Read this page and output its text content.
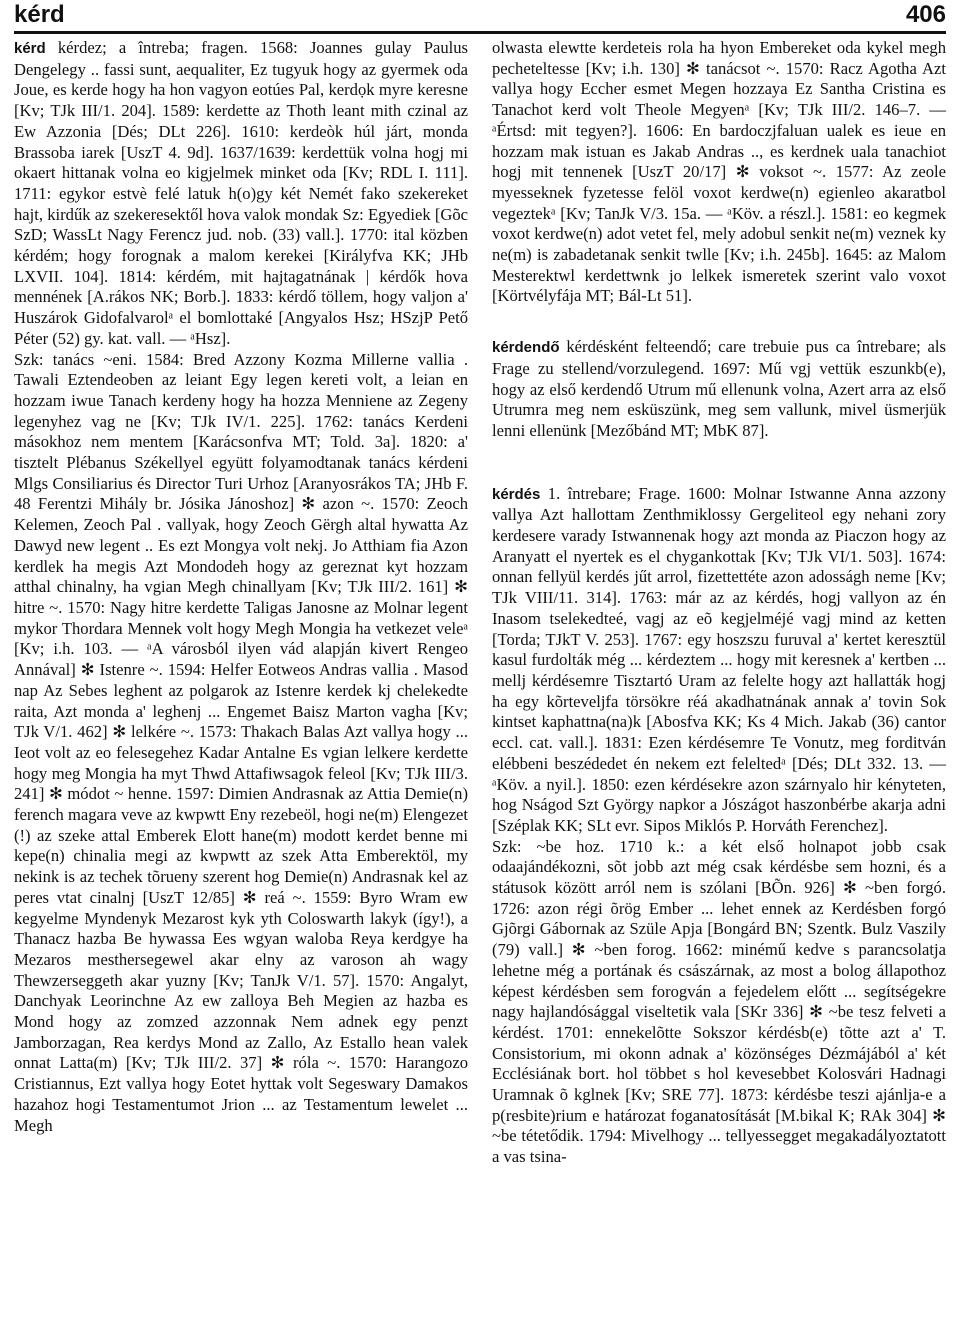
kérd	406

kérd kérdez; a întreba; fragen. 1568: Joannes gulay Paulus Dengelegy .. fassi sunt, aequaliter, Ez tugyuk hogy az gyermek oda Joue, es kerde hogy ha hon vagyon eotúes Pal, kerdọk myre keresne [Kv; TJk III/1. 204]. 1589: kerdette az Thoth leant mith czinal az Ew Azzonia [Dés; DLt 226]. 1610: kerdeòk húl járt, monda Brassoba iarek [UszT 4. 9d]. 1637/1639: kerdettük volna hogj mi okaert hittanak volna eo kigjelmek minket oda [Kv; RDL I. 111]. 1711: egykor estvè felé latuk h(o)gy két Nemét fako szekereket hajt, kirdűk az szekeresektől hova valok mondak Sz: Egyediek [Gõc SzD; WassLt Nagy Ferencz jud. nob. (33) vall.]. 1770: ital közben kérdém; hogy forognak a malom kerekei [Királyfva KK; JHb LXVII. 104]. 1814: kérdém, mit hajtagatnának | kérdők hova mennének [A.rákos NK; Borb.]. 1833: kérdő töllem, hogy valjon a' Huszárok Gidofalvarolᵃ el bomlottaké [Angyalos Hsz; HSzjP Pető Péter (52) gy. kat. vall. — ᵃHsz].

Szk: tanács ~eni. 1584: Bred Azzony Kozma Millerne vallia . Tawali Eztendeoben az leiant Egy legen kereti volt, a leian en hozzam iwue Tanach kerdeny hogy ha hozza Menniene az Zegeny legenyhez vag ne [Kv; TJk IV/1. 225]. 1762: tanács Kerdeni másokhoz nem mentem [Karácsonfva MT; Told. 3a]. 1820: a' tisztelt Plébanus Székellyel együtt folyamodtanak tanács kérdeni Mlgs Consiliarius és Director Turi Urhoz [Aranyosrákos TA; JHb F. 48 Ferentzi Mihály br. Jósika Jánoshoz] ✻ azon ~. 1570: Zeoch Kelemen, Zeoch Pal . vallyak, hogy Zeoch Gërgh altal hywatta Az Dawyd new legent .. Es ezt Mongya volt nekj. Jo Atthiam fia Azon kerdlek ha megis Azt Mondodeh hogy az gereznat kyt hozzam atthal chinalny, ha vgian Megh chinallyam [Kv; TJk III/2. 161] ✻ hitre ~. 1570: Nagy hitre kerdette Taligas Janosne az Molnar legent mykor Thordara Mennek volt hogy Megh Mongia ha vetkezet veleᵃ [Kv; i.h. 103. — ᵃA városból ilyen vád alapján kivert Rengeo Annával] ✻ Istenre ~. 1594: Helfer Eotweos Andras vallia . Masod nap Az Sebes leghent az polgarok az Istenre kerdek kj chelekedte raita, Azt monda a' leghenj ... Engemet Baisz Marton vagha [Kv; TJk V/1. 462] ✻ lelkére ~. 1573: Thakach Balas Azt vallya hogy ... Ieot volt az eo felesegehez Kadar Antalne Es vgian lelkere kerdette hogy meg Mongia ha myt Thwd Attafiwsagok feleol [Kv; TJk III/3. 241] ✻ módot ~ henne. 1597: Dimien Andrasnak az Attia Demie(n) ferench magara veve az kwpwtt Eny rezebeöl, hogi ne(m) Elengezet (!) az szeke attal Emberek Elott hane(m) modott kerdet benne mi kepe(n) chinalia megi az kwpwtt az szek Atta Emberektöl, my nekink is az techek tõrueny szerent hog Demie(n) Andrasnak kel az peres vtat cinalnj [UszT 12/85] ✻ reá ~. 1559: Byro Wram ew kegyelme Myndenyk Mezarost kyk yth Coloswarth lakyk (így!), a Thanacz hazba Be hywassa Ees wgyan waloba Reya kerdgye ha Mezaros mesthersegewel akar elny az varoson ah wagy Thewzerseggeth akar yuzny [Kv; TanJk V/1. 57]. 1570: Angalyt, Danchyak Leorinchne Az ew zalloya Beh Megien az hazba es Mond hogy az zomzed azzonnak Nem adnek egy penzt Jamborzagan, Rea kerdys Mond az Zallo, Az Estallo hean valek onnat Latta(m) [Kv; TJk III/2. 37] ✻ róla ~. 1570: Harangozo Cristiannus, Ezt vallya hogy Eotet hyttak volt Segeswary Damakos hazahoz hogi Testamentumot Jrion ... az Testamentum lewelet ... Megh

olwasta elewtte kerdeteis rola ha hyon Embereket oda kykel megh pecheteltesse [Kv; i.h. 130] ✻ tanácsot ~. 1570: Racz Agotha Azt vallya hogy Eccher esmet Megen hozzaya Ez Santha Cristina es Tanachot kerd volt Theole Megyenᵃ [Kv; TJk III/2. 146–7. — ᵃÉrtsd: mit tegyen?]. 1606: En bardoczjfaluan ualek es ieue en hozzam mak istuan es Jakab Andras .., es kerdnek uala tanachiot hogj mit tennenek [UszT 20/17] ✻ voksot ~. 1577: Az zeole myesseknek fyzetesse felöl voxot kerdwe(n) egienleo akaratbol vegeztekᵃ [Kv; TanJk V/3. 15a. — ᵃKöv. a részl.]. 1581: eo kegmek voxot kerdwe(n) adot vetet fel, mely adobul senkit ne(m) veznek ky ne(m) is zabadetanak senkit twlle [Kv; i.h. 245b]. 1645: az Malom Mesterektwl kerdettwnk jo lelkek ismeretek szerint valo voxot [Körtvélyfája MT; Bál-Lt 51].

kérdendő kérdésként felteendő; care trebuie pus ca întrebare; als Frage zu stellend/vorzulegend. 1697: Mű vgj vettük eszunkb(e), hogy az első kerdendő Utrum mű ellenunk volna, Azert arra az első Utrumra meg nem esküszünk, meg sem vallunk, mivel üsmerjük lenni ellenünk [Mezőbánd MT; MbK 87].

kérdés 1. întrebare; Frage. 1600: Molnar Istwanne Anna azzony vallya Azt hallottam Zenthmiklossy Gergeliteol egy nehani zory kerdesere varady Istwannenak hogy azt monda az Piaczon hogy az Aranyatt el nyertek es el chygankottak [Kv; TJk VI/1. 503]. 1674: onnan fellyül kerdés jűt arrol, fizettettéte azon adosságh neme [Kv; TJk VIII/11. 314]. 1763: már az az kérdés, hogj vallyon az én Inasom tselekedteé, vagj az eõ kegjelméjé vagj mind az ketten [Torda; TJkT V. 253]. 1767: egy hoszszu furuval a' kertet keresztül kasul furdolták még ... kérdeztem ... hogy mit keresnek a' kertben ... mellj kérdésemre Tisztartó Uram az felelte hogy azt hallatták hogj ha egy kõrteveljfa törsökre réá akadhatnának annak a' tovin Sok kintset kaphattna(na)k [Abosfva KK; Ks 4 Mich. Jakab (36) cantor eccl. cat. vall.]. 1831: Ezen kérdésemre Te Vonutz, meg forditván elébbeni beszédedet én nekem ezt feleltedᵃ [Dés; DLt 332. 13. — ᵃKöv. a nyil.]. 1850: ezen kérdésekre azon szárnyalo hir kényteten, hog Nságod Szt György napkor a Jószágot haszonbérbe akarja adni [Széplak KK; SLt evr. Sipos Miklós P. Horváth Ferenchez].

Szk: ~be hoz. 1710 k.: a két első holnapot jobb csak odaajándékozni, sõt jobb azt még csak kérdésbe sem hozni, és a státusok között arról nem is szólani [BÕn. 926] ✻ ~ben forgó. 1726: azon régi õrög Ember ... lehet ennek az Kerdésben forgó Gjõrgi Gábornak az Szüle Apja [Bongárd BN; Szentk. Bulz Vaszily (79) vall.] ✻ ~ben forog. 1662: minémű kedve s parancsolatja lehetne még a portának és császárnak, az most a bolog állapothoz képest kérdésben sem forogván a fejedelem előtt ... segítségekre nagy hajlandósággal viseltetik vala [SKr 336] ✻ ~be tesz felveti a kérdést. 1701: ennekelõtte Sokszor kérdésb(e) tõtte azt a' T. Consistorium, mi okonn adnak a' közönséges Dézmájából a' két Ecclésiának bort. hol többet s hol kevesebbet Kolosvári Hadnagi Uramnak õ kglnek [Kv; SRE 77]. 1873: kérdésbe teszi ajánlja-e a p(resbite)rium e határozat foganatosítását [M.bikal K; RAk 304] ✻ ~be tétetődik. 1794: Mivelhogy ... tellyessegget megakadályoztatott a vas tsina-
